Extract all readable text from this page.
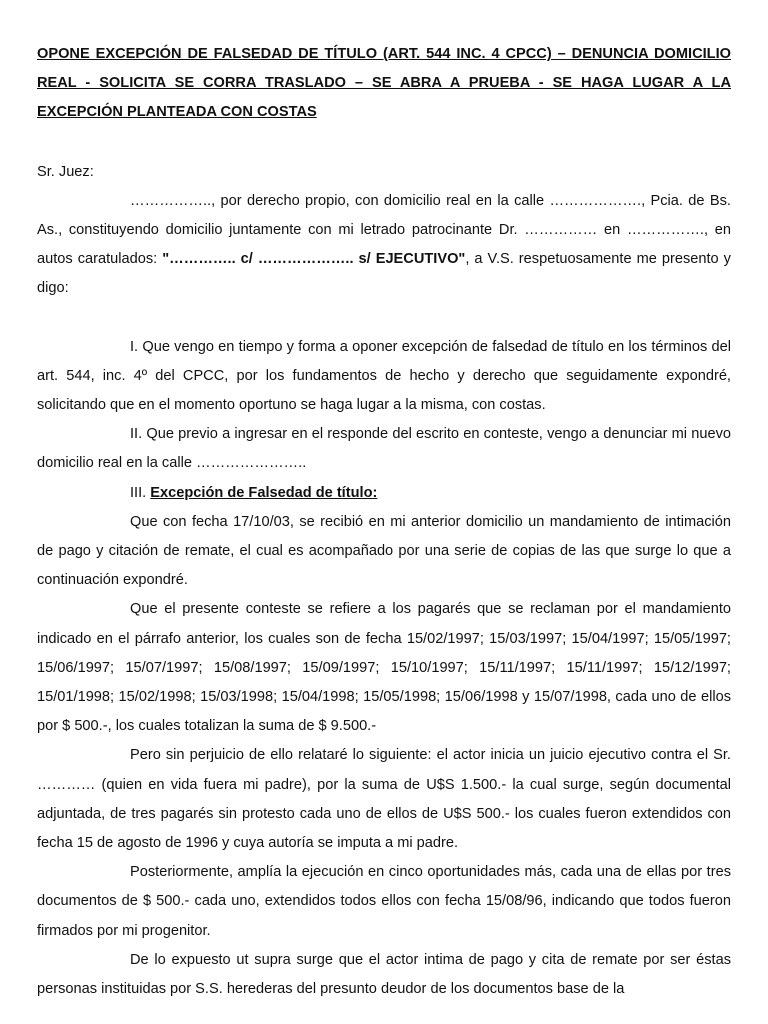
OPONE EXCEPCIÓN DE FALSEDAD DE TÍTULO (ART. 544 INC. 4 CPCC) – DENUNCIA DOMICILIO REAL - SOLICITA SE CORRA TRASLADO – SE ABRA A PRUEBA - SE HAGA LUGAR A LA EXCEPCIÓN PLANTEADA CON COSTAS

Sr. Juez:

…………….., por derecho propio, con domicilio real en la calle ………………., Pcia. de Bs. As., constituyendo domicilio juntamente con mi letrado patrocinante Dr. …………… en ……………., en autos caratulados: "………….. c/ ……………….. s/ EJECUTIVO", a V.S. respetuosamente me presento y digo:

I. Que vengo en tiempo y forma a oponer excepción de falsedad de título en los términos del art. 544, inc. 4º del CPCC, por los fundamentos de hecho y derecho que seguidamente expondré, solicitando que en el momento oportuno se haga lugar a la misma, con costas.

II. Que previo a ingresar en el responde del escrito en conteste, vengo a denunciar mi nuevo domicilio real en la calle …………………..

III. Excepción de Falsedad de título:

Que con fecha 17/10/03, se recibió en mi anterior domicilio un mandamiento de intimación de pago y citación de remate, el cual es acompañado por una serie de copias de las que surge lo que a continuación expondré.

Que el presente conteste se refiere a los pagarés que se reclaman por el mandamiento indicado en el párrafo anterior, los cuales son de fecha 15/02/1997; 15/03/1997; 15/04/1997; 15/05/1997; 15/06/1997; 15/07/1997; 15/08/1997; 15/09/1997; 15/10/1997; 15/11/1997; 15/11/1997; 15/12/1997; 15/01/1998; 15/02/1998; 15/03/1998; 15/04/1998; 15/05/1998; 15/06/1998 y 15/07/1998, cada uno de ellos por $ 500.-, los cuales totalizan la suma de $ 9.500.-

Pero sin perjuicio de ello relataré lo siguiente: el actor inicia un juicio ejecutivo contra el Sr. ………… (quien en vida fuera mi padre), por la suma de U$S 1.500.- la cual surge, según documental adjuntada, de tres pagarés sin protesto cada uno de ellos de U$S 500.- los cuales fueron extendidos con fecha 15 de agosto de 1996 y cuya autoría se imputa a mi padre.

Posteriormente, amplía la ejecución en cinco oportunidades más, cada una de ellas por tres documentos de $ 500.- cada uno, extendidos todos ellos con fecha 15/08/96, indicando que todos fueron firmados por mi progenitor.

De lo expuesto ut supra surge que el actor intima de pago y cita de remate por ser éstas personas instituidas por S.S. herederas del presunto deudor de los documentos base de la
